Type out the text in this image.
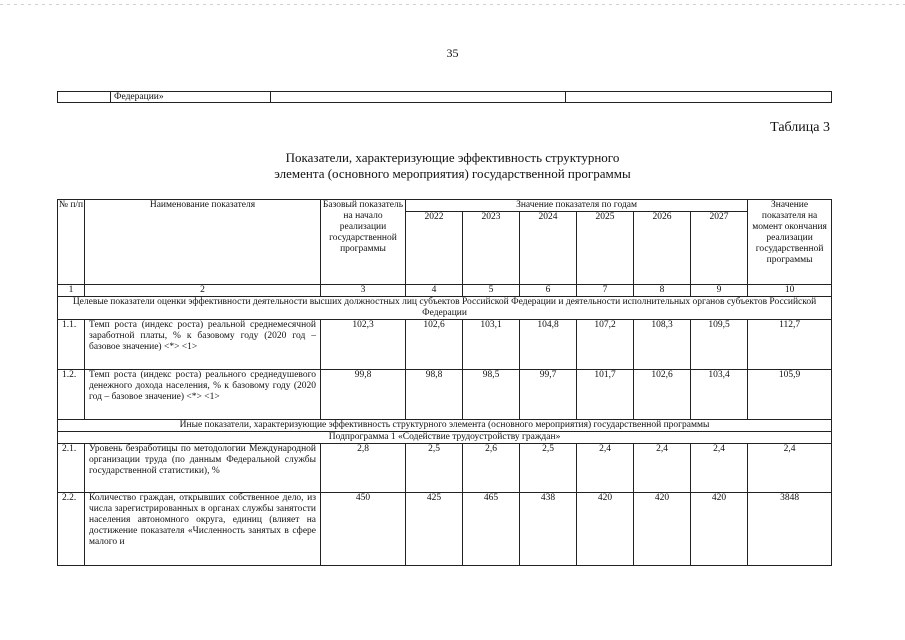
35
	Федерации»		
Таблица 3
Показатели, характеризующие эффективность структурного
элемента (основного мероприятия) государственной программы
№ п/п	Наименование показателя	Базовый показатель на начало реализации государственной программы	Значение показателя по годам						Значение показателя на момент окончания реализации государственной программы
			2022	2023	2024	2025	2026	2027	
1	2	3	4	5	6	7	8	9	10
Целевые показатели оценки эффективности деятельности высших должностных лиц субъектов Российской Федерации и деятельности исполнительных органов субъектов Российской Федерации									
1.1.	Темп роста (индекс роста) реальной среднемесячной заработной платы, % к базовому году (2020 год – базовое значение) <*> <1>	102,3	102,6	103,1	104,8	107,2	108,3	109,5	112,7
1.2.	Темп роста (индекс роста) реального среднедушевого денежного дохода населения, % к базовому году (2020 год – базовое значение) <*> <1>	99,8	98,8	98,5	99,7	101,7	102,6	103,4	105,9
Иные показатели, характеризующие эффективность структурного элемента (основного мероприятия) государственной программы									
Подпрограмма 1 «Содействие трудоустройству граждан»									
2.1.	Уровень безработицы по методологии Международной организации труда (по данным Федеральной службы государственной статистики), %	2,8	2,5	2,6	2,5	2,4	2,4	2,4	2,4
2.2.	Количество граждан, открывших собственное дело, из числа зарегистрированных в органах службы занятости населения автономного округа, единиц (влияет на достижение показателя «Численность занятых в сфере малого и	450	425	465	438	420	420	420	3848
